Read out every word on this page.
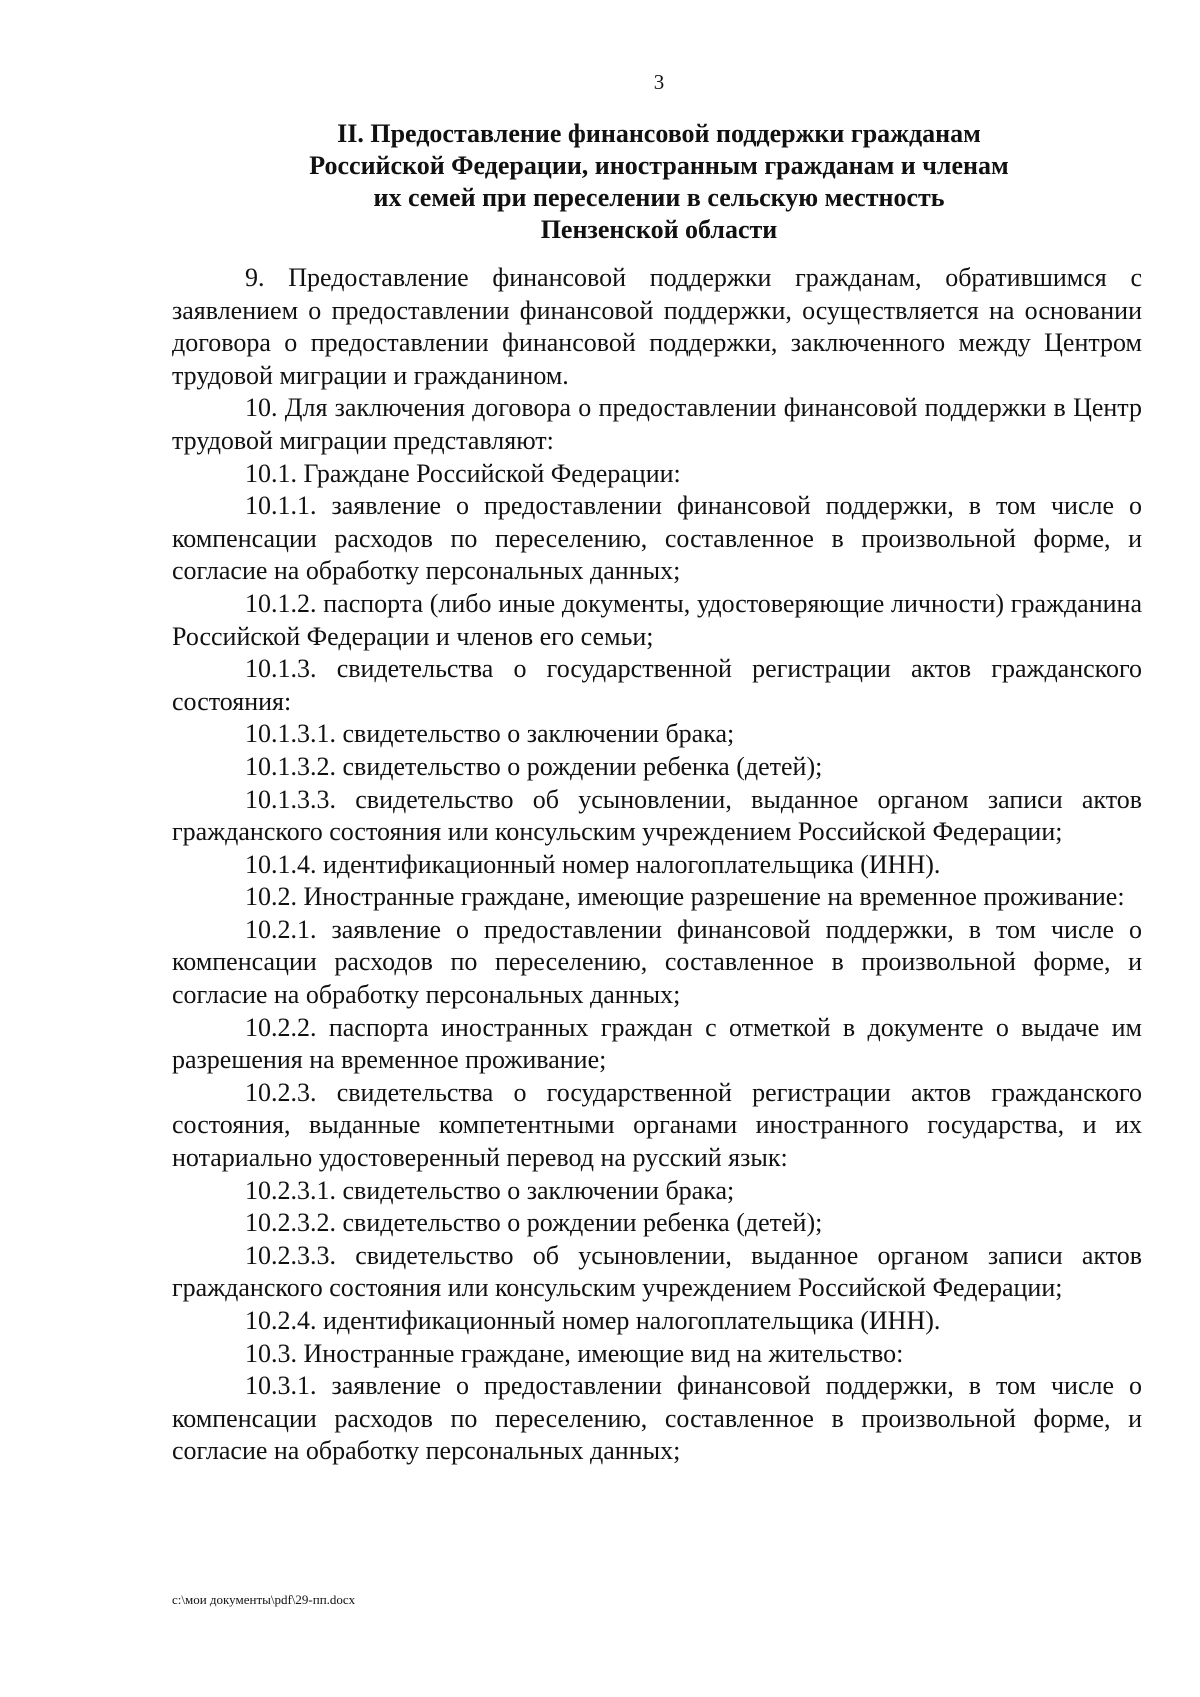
3
II. Предоставление финансовой поддержки гражданам
Российской Федерации, иностранным гражданам и членам
их семей при переселении в сельскую местность
Пензенской области

9. Предоставление финансовой поддержки гражданам, обратившимся с заявлением о предоставлении финансовой поддержки, осуществляется на основании договора о предоставлении финансовой поддержки, заключенного между Центром трудовой миграции и гражданином.

10. Для заключения договора о предоставлении финансовой поддержки в Центр трудовой миграции представляют:

10.1. Граждане Российской Федерации:

10.1.1. заявление о предоставлении финансовой поддержки, в том числе о компенсации расходов по переселению, составленное в произвольной форме, и согласие на обработку персональных данных;

10.1.2. паспорта (либо иные документы, удостоверяющие личности) гражданина Российской Федерации и членов его семьи;

10.1.3. свидетельства о государственной регистрации актов гражданского состояния:

10.1.3.1. свидетельство о заключении брака;

10.1.3.2. свидетельство о рождении ребенка (детей);

10.1.3.3. свидетельство об усыновлении, выданное органом записи актов гражданского состояния или консульским учреждением Российской Федерации;

10.1.4. идентификационный номер налогоплательщика (ИНН).

10.2. Иностранные граждане, имеющие разрешение на временное проживание:

10.2.1. заявление о предоставлении финансовой поддержки, в том числе о компенсации расходов по переселению, составленное в произвольной форме, и согласие на обработку персональных данных;

10.2.2. паспорта иностранных граждан с отметкой в документе о выдаче им разрешения на временное проживание;

10.2.3. свидетельства о государственной регистрации актов гражданского состояния, выданные компетентными органами иностранного государства, и их нотариально удостоверенный перевод на русский язык:

10.2.3.1. свидетельство о заключении брака;

10.2.3.2. свидетельство о рождении ребенка (детей);

10.2.3.3. свидетельство об усыновлении, выданное органом записи актов гражданского состояния или консульским учреждением Российской Федерации;

10.2.4. идентификационный номер налогоплательщика (ИНН).

10.3. Иностранные граждане, имеющие вид на жительство:

10.3.1. заявление о предоставлении финансовой поддержки, в том числе о компенсации расходов по переселению, составленное в произвольной форме, и согласие на обработку персональных данных;

c:\мои документы\pdf\29-пп.docx
